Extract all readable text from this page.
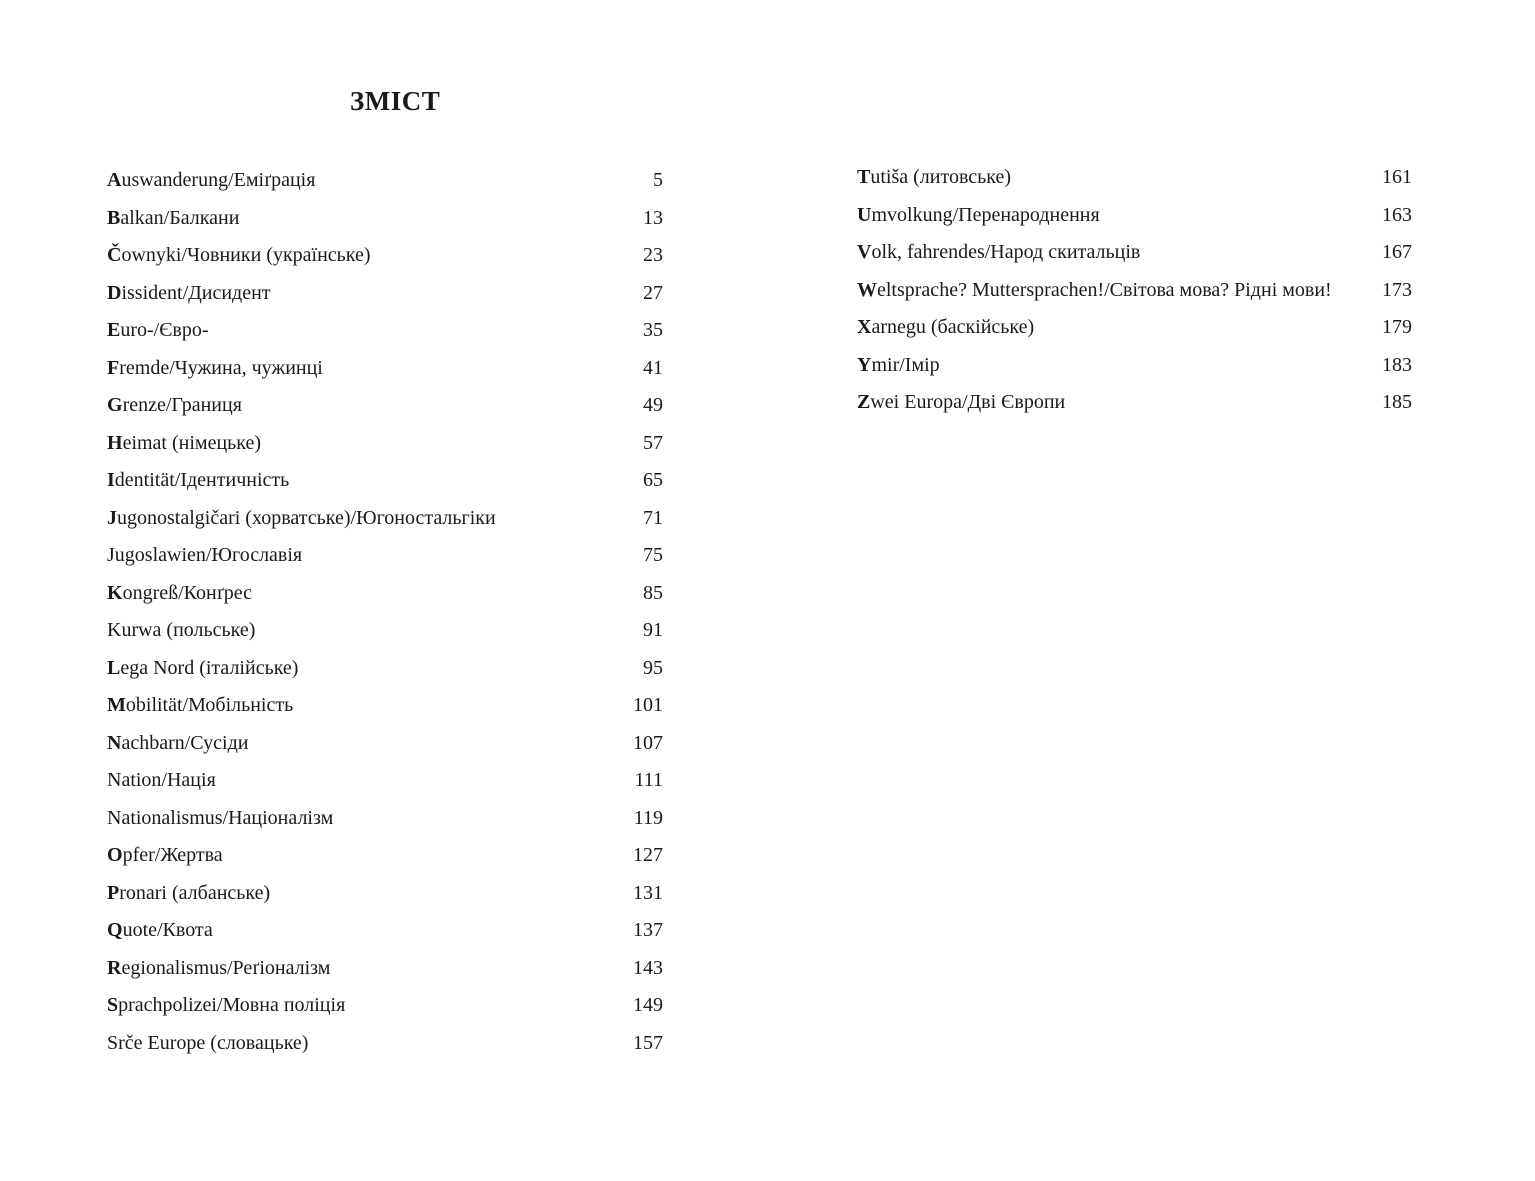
ЗМІСТ
Auswanderung/Еміґрація	5
Balkan/Балкани	13
Čownyki/Човники (українське)	23
Dissident/Дисидент	27
Euro-/Євро-	35
Fremde/Чужина, чужинці	41
Grenze/Границя	49
Heimat (німецьке)	57
Identität/Ідентичність	65
Jugonostalgičari (хорватське)/Югоностальгіки	71
Jugoslawien/Югославія	75
Kongreß/Конґрес	85
Kurwa (польське)	91
Lega Nord (італійське)	95
Mobilität/Мобільність	101
Nachbarn/Сусіди	107
Nation/Нація	111
Nationalismus/Націоналізм	119
Opfer/Жертва	127
Pronari (албанське)	131
Quote/Квота	137
Regionalismus/Реґіоналізм	143
Sprachpolizei/Мовна поліція	149
Srče Europe (словацьке)	157
Tutiša (литовське)	161
Umvolkung/Перенароднення	163
Volk, fahrendes/Народ скитальців	167
Weltsprache? Muttersprachen!/Світова мова? Рідні мови!	173
Xarnegu (баскійське)	179
Ymir/Імір	183
Zwei Europa/Дві Європи	185
